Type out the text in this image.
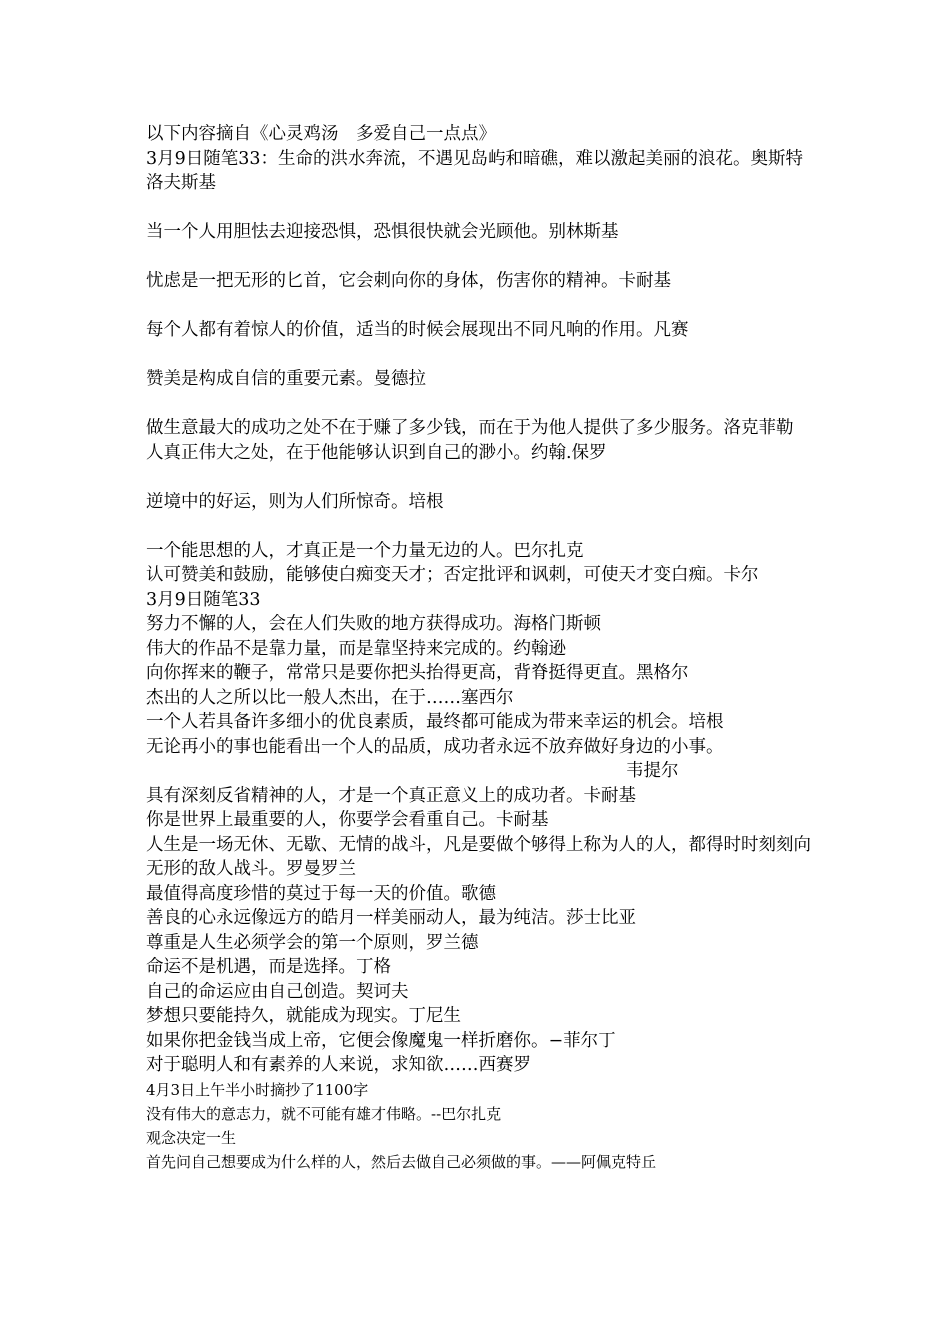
以下内容摘自《心灵鸡汤　多爱自己一点点》
3月9日随笔33：生命的洪水奔流，不遇见岛屿和暗礁，难以激起美丽的浪花。奥斯特洛夫斯基
当一个人用胆怯去迎接恐惧，恐惧很快就会光顾他。别林斯基
忧虑是一把无形的匕首，它会刺向你的身体，伤害你的精神。卡耐基
每个人都有着惊人的价值，适当的时候会展现出不同凡响的作用。凡赛
赞美是构成自信的重要元素。曼德拉
做生意最大的成功之处不在于赚了多少钱，而在于为他人提供了多少服务。洛克菲勒
人真正伟大之处，在于他能够认识到自己的渺小。约翰.保罗
逆境中的好运，则为人们所惊奇。培根
一个能思想的人，才真正是一个力量无边的人。巴尔扎克
认可赞美和鼓励，能够使白痴变天才；否定批评和讽刺，可使天才变白痴。卡尔
3月9日随笔33
努力不懈的人，会在人们失败的地方获得成功。海格门斯顿
伟大的作品不是靠力量，而是靠坚持来完成的。约翰逊
向你挥来的鞭子，常常只是要你把头抬得更高，背脊挺得更直。黑格尔
杰出的人之所以比一般人杰出，在于……塞西尔
一个人若具备许多细小的优良素质，最终都可能成为带来幸运的机会。培根
无论再小的事也能看出一个人的品质，成功者永远不放弃做好身边的小事。
韦提尔
具有深刻反省精神的人，才是一个真正意义上的成功者。卡耐基
你是世界上最重要的人，你要学会看重自己。卡耐基
人生是一场无休、无歇、无情的战斗，凡是要做个够得上称为人的人，都得时时刻刻向无形的敌人战斗。罗曼罗兰
最值得高度珍惜的莫过于每一天的价值。歌德
善良的心永远像远方的皓月一样美丽动人，最为纯洁。莎士比亚
尊重是人生必须学会的第一个原则，罗兰德
命运不是机遇，而是选择。丁格
自己的命运应由自己创造。契诃夫
梦想只要能持久，就能成为现实。丁尼生
如果你把金钱当成上帝，它便会像魔鬼一样折磨你。−菲尔丁
对于聪明人和有素养的人来说，求知欲……西赛罗
4月3日上午半小时摘抄了1100字
没有伟大的意志力，就不可能有雄才伟略。--巴尔扎克
观念决定一生
首先问自己想要成为什么样的人，然后去做自己必须做的事。——阿佩克特丘
